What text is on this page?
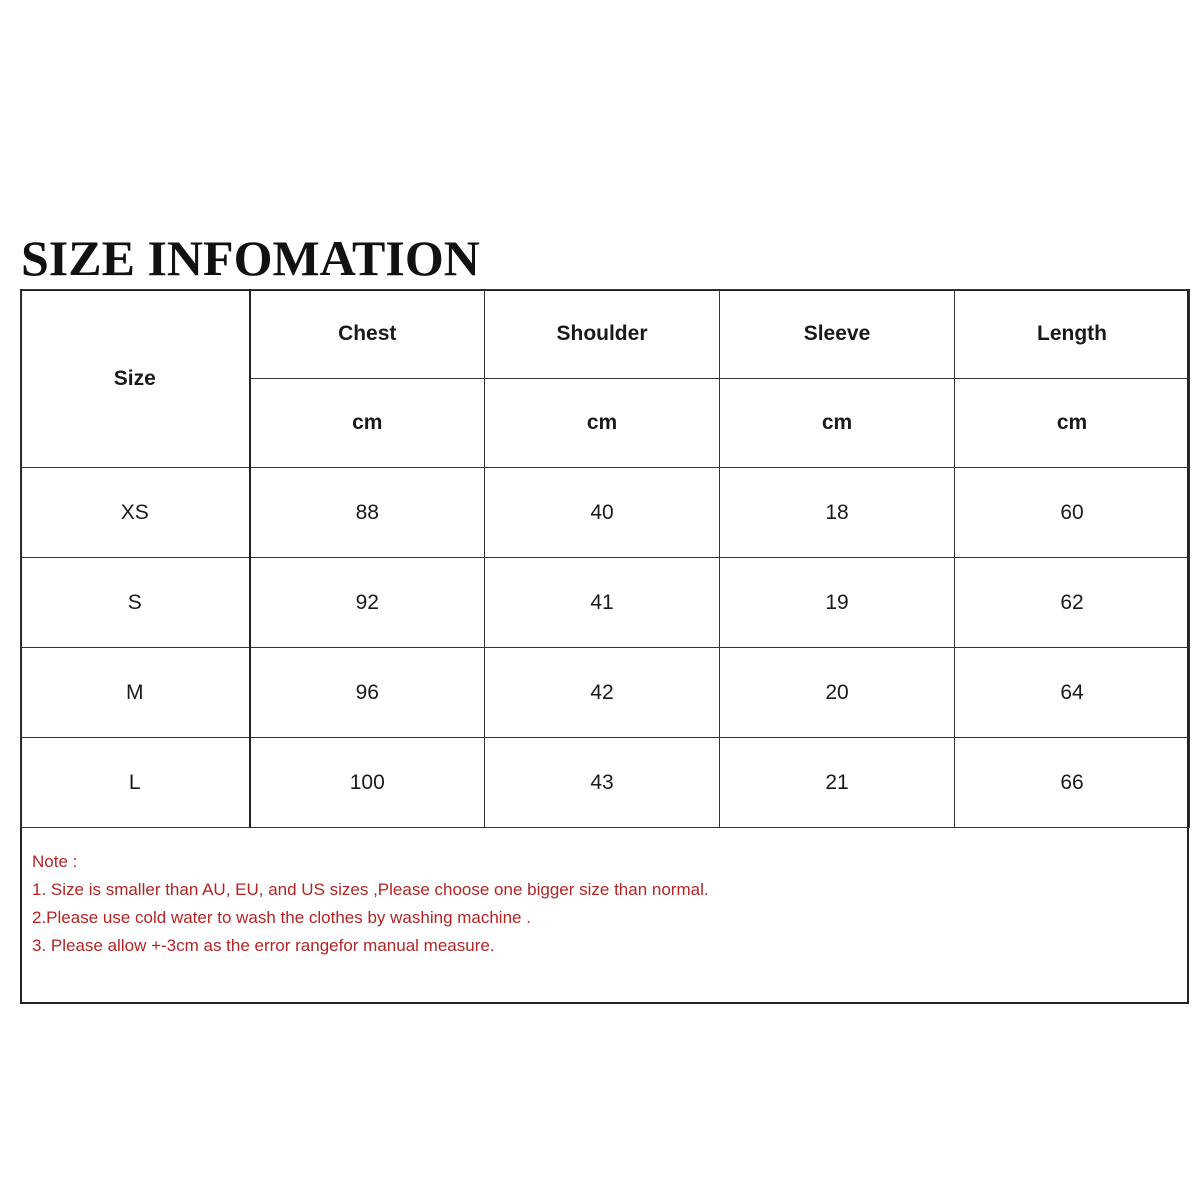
SIZE INFOMATION
Size	Chest	Shoulder	Sleeve	Length
	cm	cm	cm	cm
XS	88	40	18	60
S	92	41	19	62
M	96	42	20	64
L	100	43	21	66
Note :
1. Size is smaller than AU, EU, and US sizes ,Please choose one bigger size than normal.
2.Please use cold water to wash the clothes by washing machine .
3. Please allow +-3cm as the error rangefor manual measure.
